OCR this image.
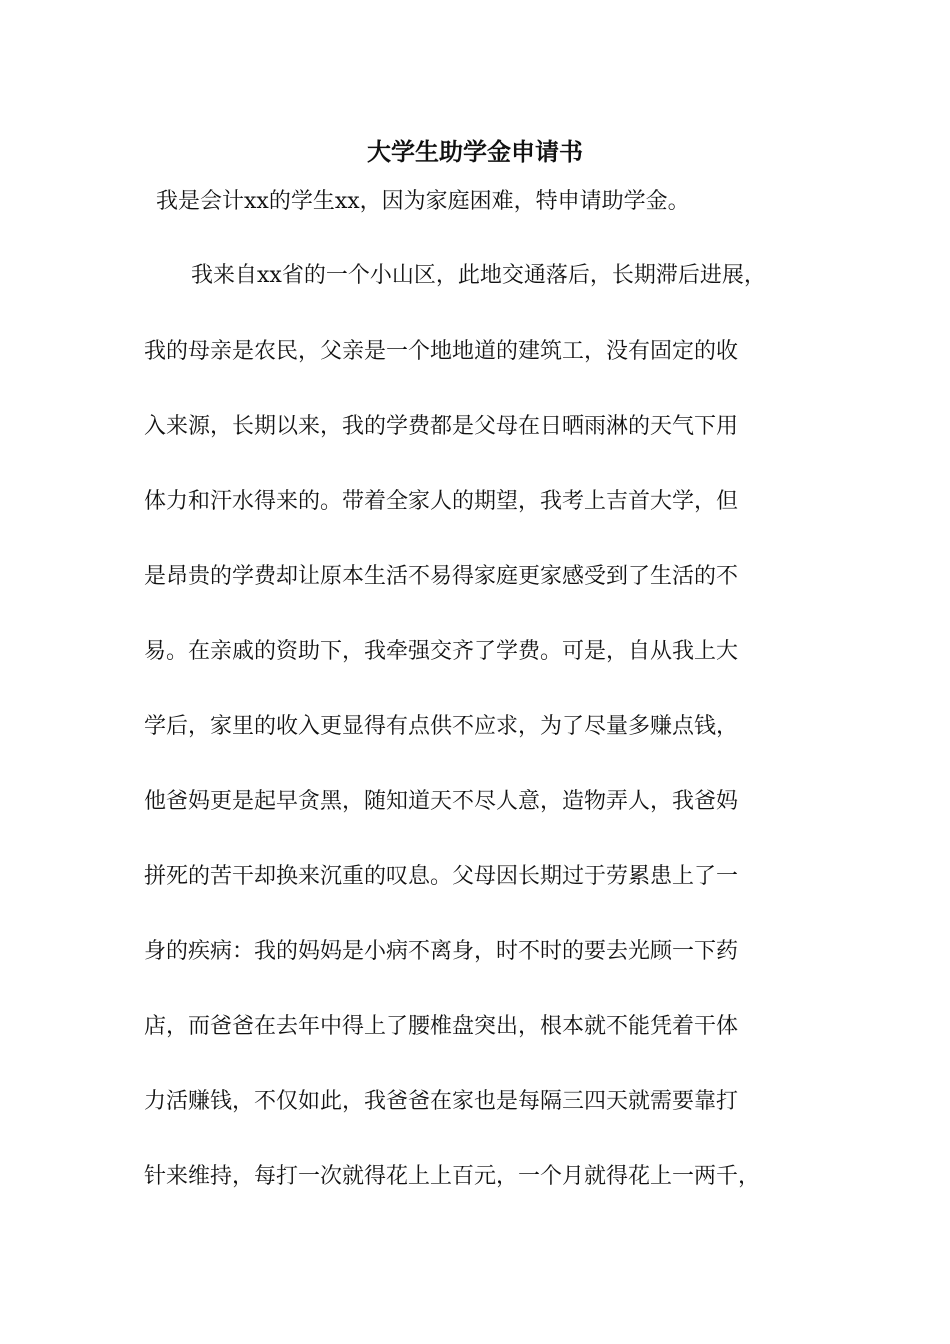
大学生助学金申请书
我是会计xx的学生xx，因为家庭困难，特申请助学金。
我来自xx省的一个小山区，此地交通落后，长期滞后进展，
我的母亲是农民，父亲是一个地地道的建筑工，没有固定的收
入来源，长期以来，我的学费都是父母在日晒雨淋的天气下用
体力和汗水得来的。带着全家人的期望，我考上吉首大学，但
是昂贵的学费却让原本生活不易得家庭更家感受到了生活的不
易。在亲戚的资助下，我牵强交齐了学费。可是，自从我上大
学后，家里的收入更显得有点供不应求，为了尽量多赚点钱，
他爸妈更是起早贪黑，随知道天不尽人意，造物弄人，我爸妈
拼死的苦干却换来沉重的叹息。父母因长期过于劳累患上了一
身的疾病：我的妈妈是小病不离身，时不时的要去光顾一下药
店，而爸爸在去年中得上了腰椎盘突出，根本就不能凭着干体
力活赚钱，不仅如此，我爸爸在家也是每隔三四天就需要靠打
针来维持，每打一次就得花上上百元，一个月就得花上一两千，
